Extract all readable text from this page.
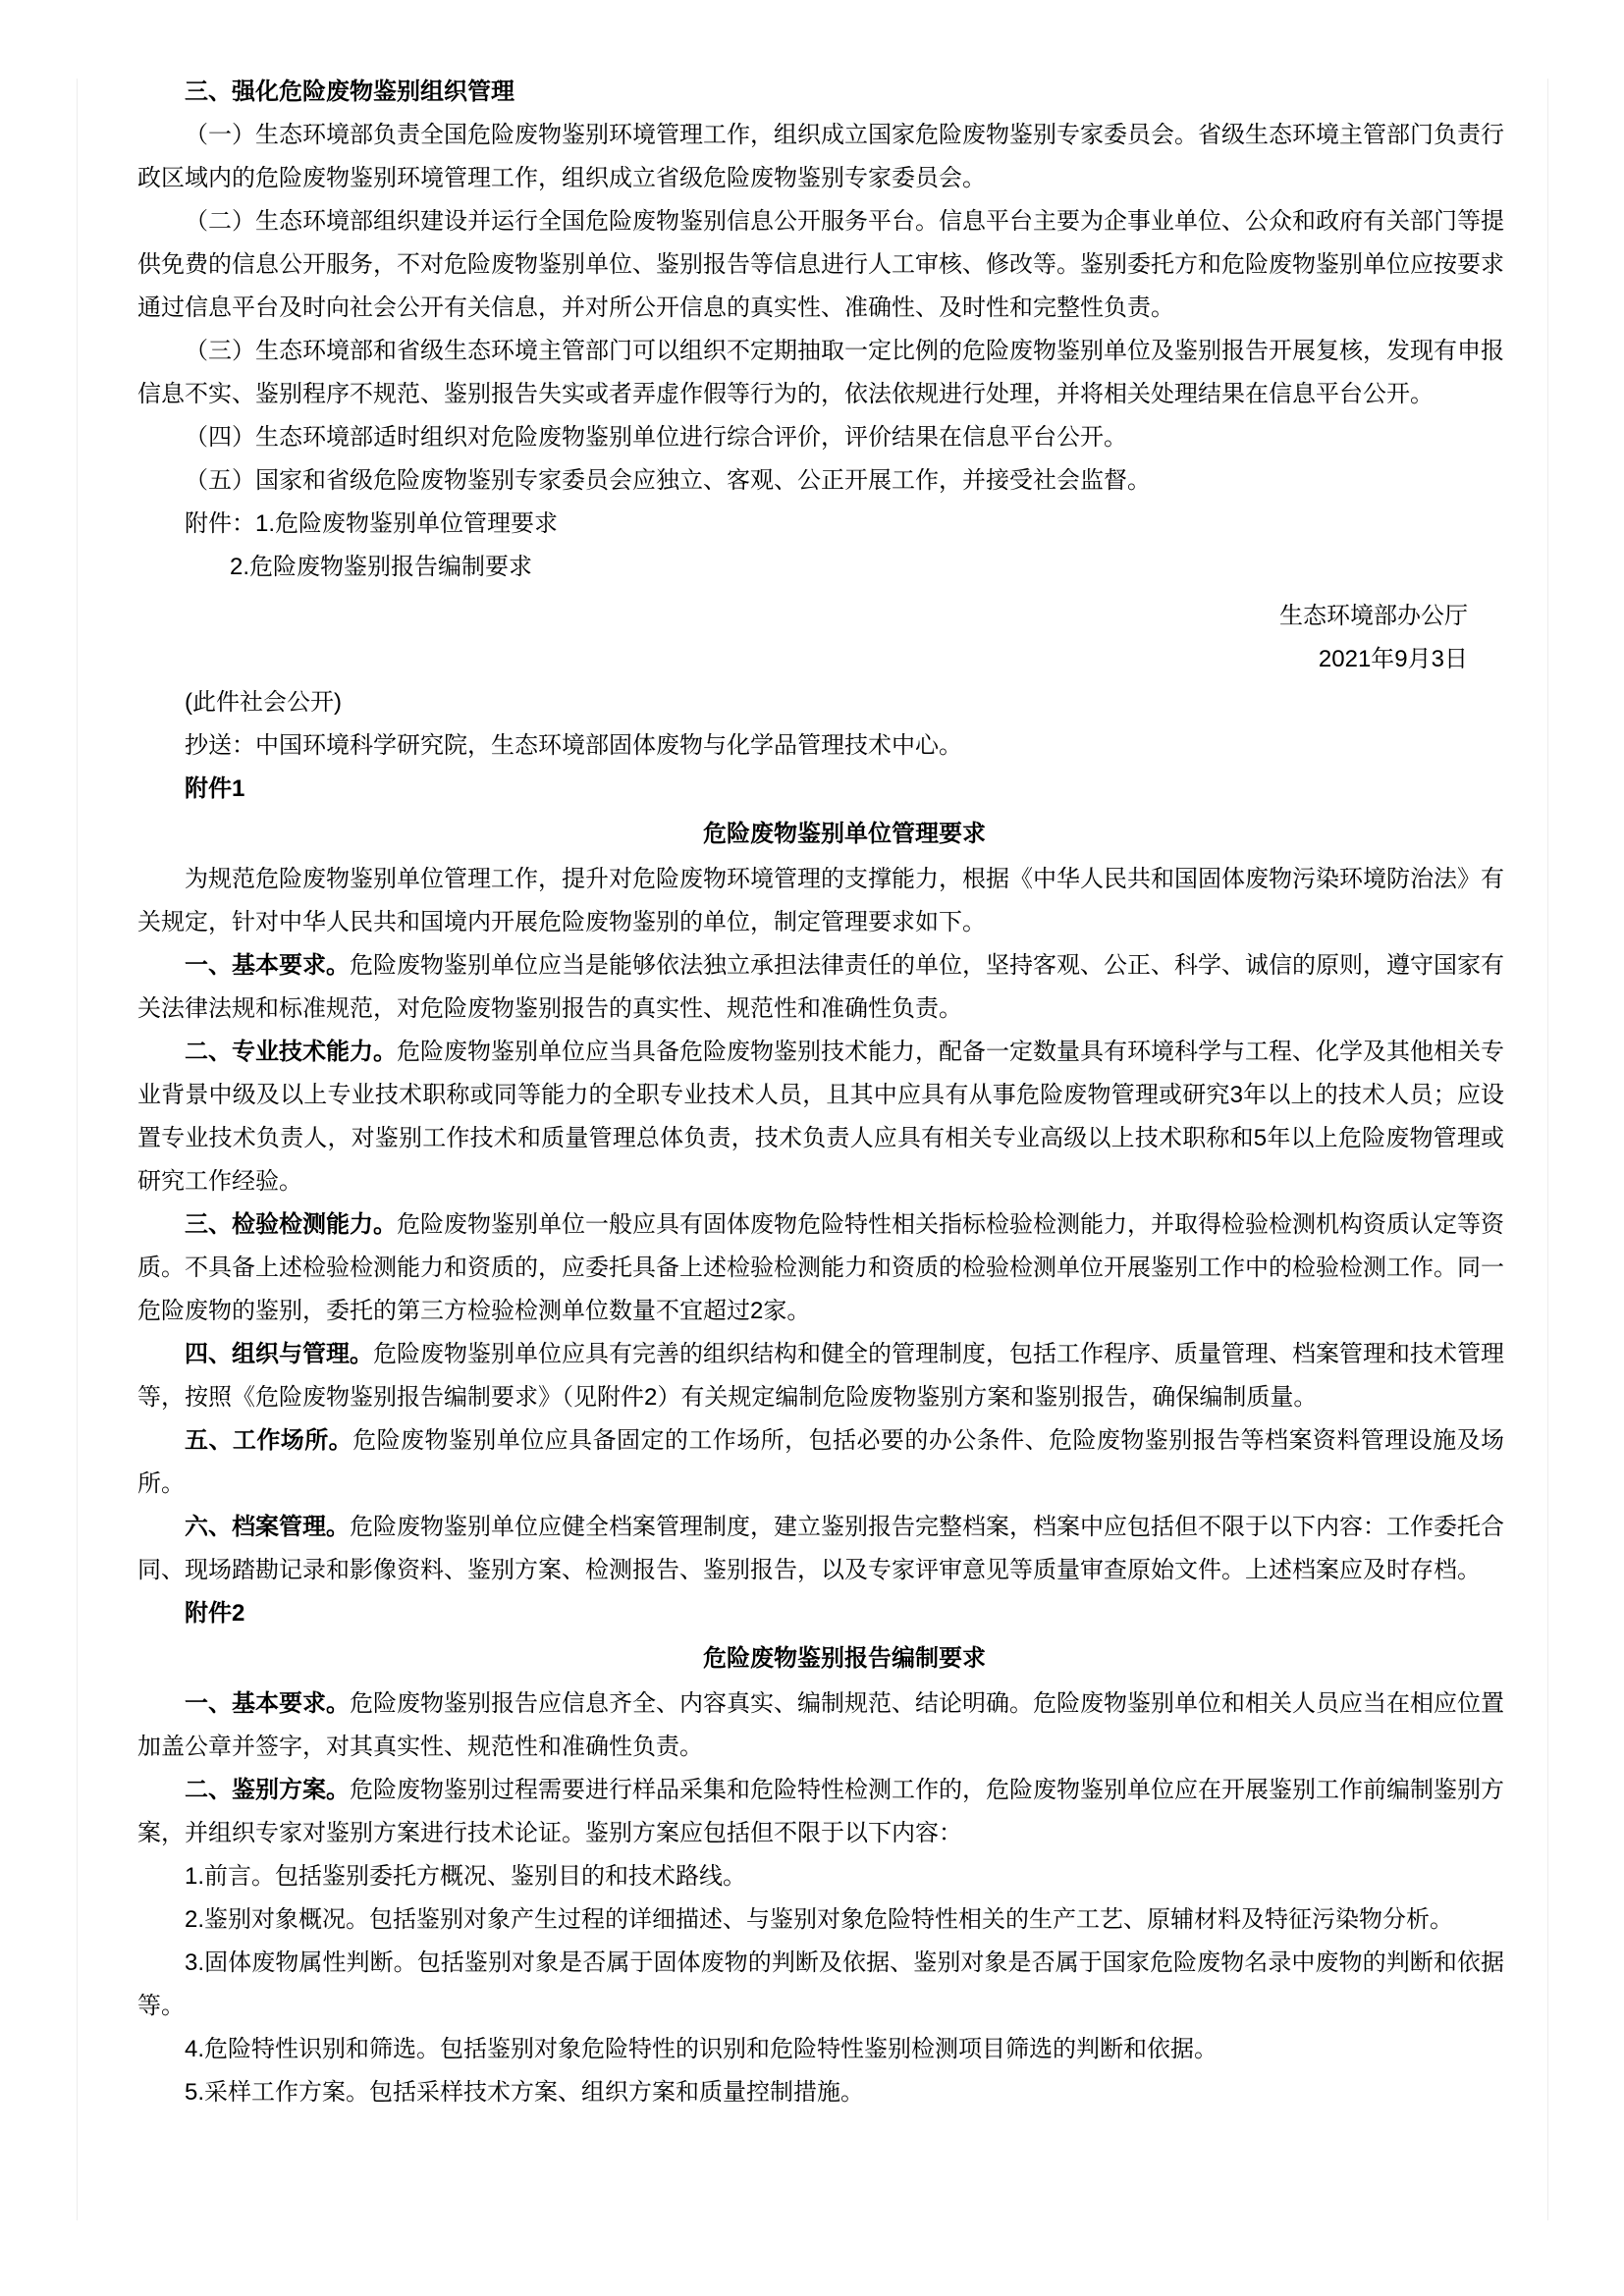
三、强化危险废物鉴别组织管理

（一）生态环境部负责全国危险废物鉴别环境管理工作，组织成立国家危险废物鉴别专家委员会。省级生态环境主管部门负责行政区域内的危险废物鉴别环境管理工作，组织成立省级危险废物鉴别专家委员会。

（二）生态环境部组织建设并运行全国危险废物鉴别信息公开服务平台。信息平台主要为企事业单位、公众和政府有关部门等提供免费的信息公开服务，不对危险废物鉴别单位、鉴别报告等信息进行人工审核、修改等。鉴别委托方和危险废物鉴别单位应按要求通过信息平台及时向社会公开有关信息，并对所公开信息的真实性、准确性、及时性和完整性负责。

（三）生态环境部和省级生态环境主管部门可以组织不定期抽取一定比例的危险废物鉴别单位及鉴别报告开展复核，发现有申报信息不实、鉴别程序不规范、鉴别报告失实或者弄虚作假等行为的，依法依规进行处理，并将相关处理结果在信息平台公开。

（四）生态环境部适时组织对危险废物鉴别单位进行综合评价，评价结果在信息平台公开。

（五）国家和省级危险废物鉴别专家委员会应独立、客观、公正开展工作，并接受社会监督。

附件：1.危险废物鉴别单位管理要求

2.危险废物鉴别报告编制要求

生态环境部办公厅

2021年9月3日

(此件社会公开)

抄送：中国环境科学研究院，生态环境部固体废物与化学品管理技术中心。

附件1

危险废物鉴别单位管理要求

为规范危险废物鉴别单位管理工作，提升对危险废物环境管理的支撑能力，根据《中华人民共和国固体废物污染环境防治法》有关规定，针对中华人民共和国境内开展危险废物鉴别的单位，制定管理要求如下。

一、基本要求。危险废物鉴别单位应当是能够依法独立承担法律责任的单位，坚持客观、公正、科学、诚信的原则，遵守国家有关法律法规和标准规范，对危险废物鉴别报告的真实性、规范性和准确性负责。

二、专业技术能力。危险废物鉴别单位应当具备危险废物鉴别技术能力，配备一定数量具有环境科学与工程、化学及其他相关专业背景中级及以上专业技术职称或同等能力的全职专业技术人员，且其中应具有从事危险废物管理或研究3年以上的技术人员；应设置专业技术负责人，对鉴别工作技术和质量管理总体负责，技术负责人应具有相关专业高级以上技术职称和5年以上危险废物管理或研究工作经验。

三、检验检测能力。危险废物鉴别单位一般应具有固体废物危险特性相关指标检验检测能力，并取得检验检测机构资质认定等资质。不具备上述检验检测能力和资质的，应委托具备上述检验检测能力和资质的检验检测单位开展鉴别工作中的检验检测工作。同一危险废物的鉴别，委托的第三方检验检测单位数量不宜超过2家。

四、组织与管理。危险废物鉴别单位应具有完善的组织结构和健全的管理制度，包括工作程序、质量管理、档案管理和技术管理等，按照《危险废物鉴别报告编制要求》（见附件2）有关规定编制危险废物鉴别方案和鉴别报告，确保编制质量。

五、工作场所。危险废物鉴别单位应具备固定的工作场所，包括必要的办公条件、危险废物鉴别报告等档案资料管理设施及场所。

六、档案管理。危险废物鉴别单位应健全档案管理制度，建立鉴别报告完整档案，档案中应包括但不限于以下内容：工作委托合同、现场踏勘记录和影像资料、鉴别方案、检测报告、鉴别报告，以及专家评审意见等质量审查原始文件。上述档案应及时存档。

附件2

危险废物鉴别报告编制要求

一、基本要求。危险废物鉴别报告应信息齐全、内容真实、编制规范、结论明确。危险废物鉴别单位和相关人员应当在相应位置加盖公章并签字，对其真实性、规范性和准确性负责。

二、鉴别方案。危险废物鉴别过程需要进行样品采集和危险特性检测工作的，危险废物鉴别单位应在开展鉴别工作前编制鉴别方案，并组织专家对鉴别方案进行技术论证。鉴别方案应包括但不限于以下内容：

1.前言。包括鉴别委托方概况、鉴别目的和技术路线。

2.鉴别对象概况。包括鉴别对象产生过程的详细描述、与鉴别对象危险特性相关的生产工艺、原辅材料及特征污染物分析。

3.固体废物属性判断。包括鉴别对象是否属于固体废物的判断及依据、鉴别对象是否属于国家危险废物名录中废物的判断和依据等。

4.危险特性识别和筛选。包括鉴别对象危险特性的识别和危险特性鉴别检测项目筛选的判断和依据。

5.采样工作方案。包括采样技术方案、组织方案和质量控制措施。
